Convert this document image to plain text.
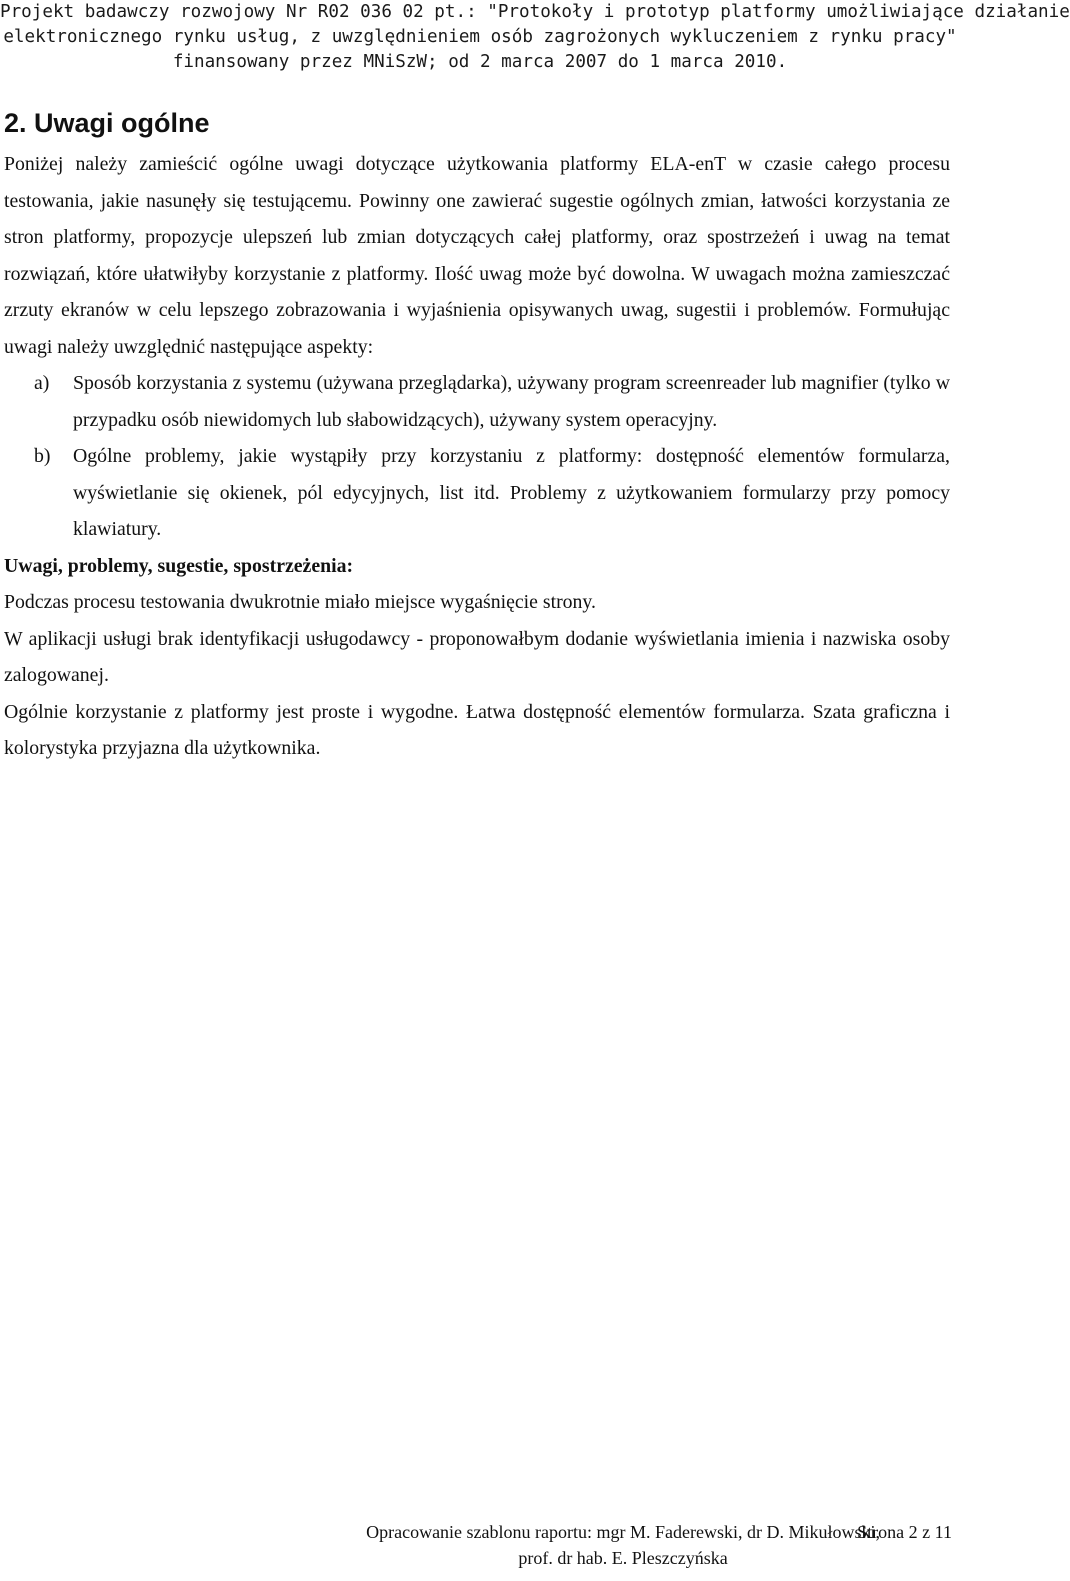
Projekt badawczy rozwojowy Nr R02 036 02 pt.: "Protokoły i prototyp platformy umożliwiające działanie
elektronicznego rynku usług, z uwzględnieniem osób zagrożonych wykluczeniem z rynku pracy"
finansowany przez MNiSzW; od 2 marca 2007 do 1 marca 2010.
2. Uwagi ogólne

Poniżej należy zamieścić ogólne uwagi dotyczące użytkowania platformy ELA-enT w czasie całego procesu testowania, jakie nasunęły się testującemu. Powinny one zawierać sugestie ogólnych zmian, łatwości korzystania ze stron platformy, propozycje ulepszeń lub zmian dotyczących całej platformy, oraz spostrzeżeń i uwag na temat rozwiązań, które ułatwiłyby korzystanie z platformy. Ilość uwag może być dowolna. W uwagach można zamieszczać zrzuty ekranów w celu lepszego zobrazowania i wyjaśnienia opisywanych uwag, sugestii i problemów. Formułując uwagi należy uwzględnić następujące aspekty:

a) Sposób korzystania z systemu (używana przeglądarka), używany program screenreader lub magnifier (tylko w przypadku osób niewidomych lub słabowidzących), używany system operacyjny.

b) Ogólne problemy, jakie wystąpiły przy korzystaniu z platformy: dostępność elementów formularza, wyświetlanie się okienek, pól edycyjnych, list itd. Problemy z użytkowaniem formularzy przy pomocy klawiatury.

Uwagi, problemy, sugestie, spostrzeżenia:

Podczas procesu testowania dwukrotnie miało miejsce wygaśnięcie strony.

W aplikacji usługi brak identyfikacji usługodawcy - proponowałbym dodanie wyświetlania imienia i nazwiska osoby zalogowanej.

Ogólnie korzystanie z platformy jest proste i wygodne. Łatwa dostępność elementów formularza. Szata graficzna i kolorystyka przyjazna dla użytkownika.

Opracowanie szablonu raportu: mgr M. Faderewski, dr D. Mikułowski,
prof. dr hab. E. Pleszczyńska
Strona 2 z 11
